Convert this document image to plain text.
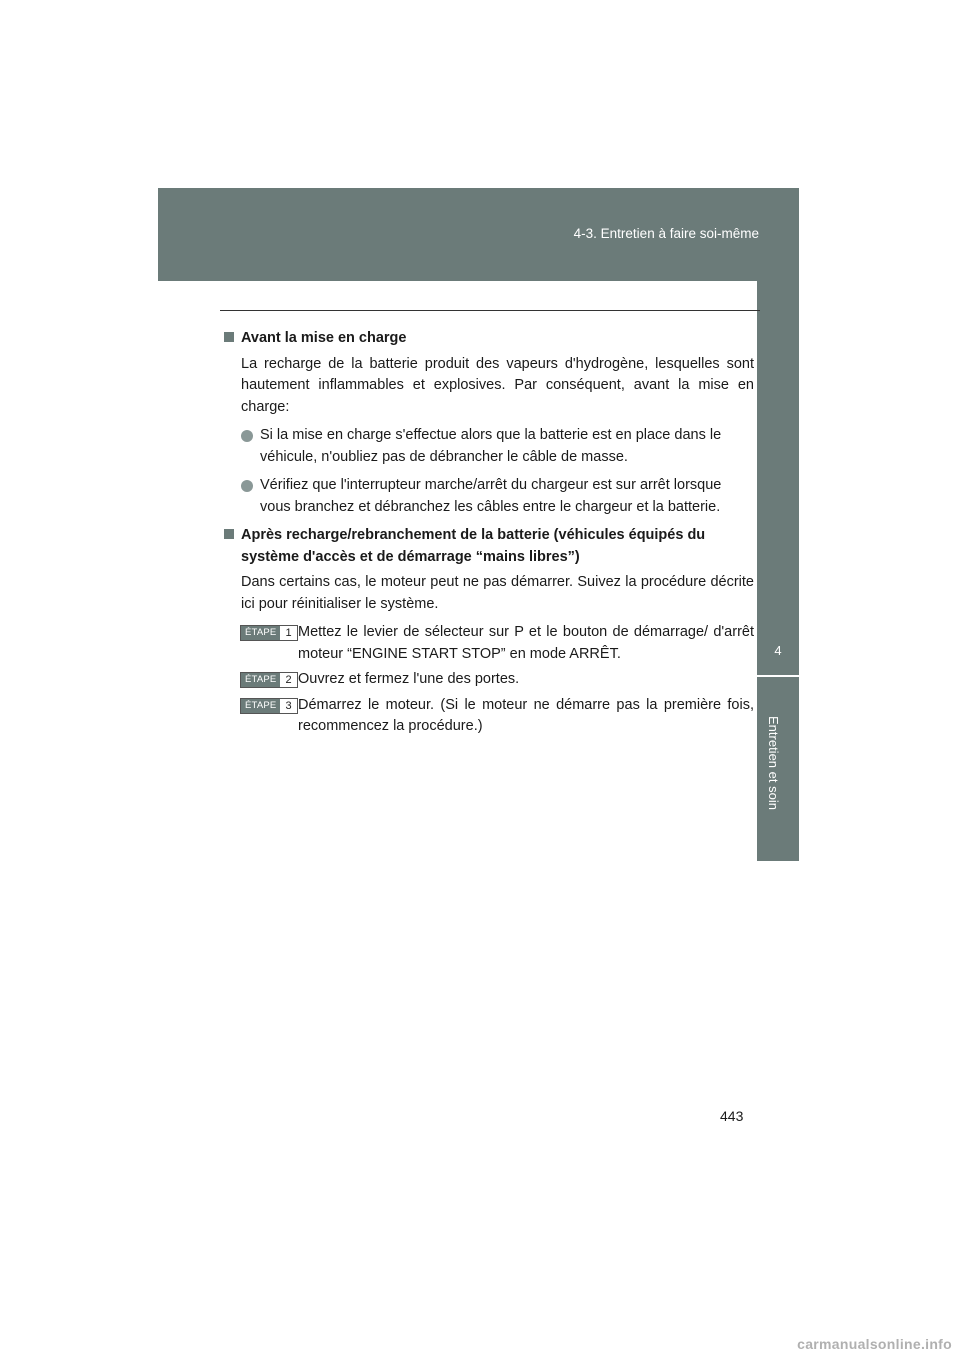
4-3. Entretien à faire soi-même
4
Entretien et soin
Avant la mise en charge
La recharge de la batterie produit des vapeurs d'hydrogène, lesquelles sont hautement inflammables et explosives. Par conséquent, avant la mise en charge:
Si la mise en charge s'effectue alors que la batterie est en place dans le véhicule, n'oubliez pas de débrancher le câble de masse.
Vérifiez que l'interrupteur marche/arrêt du chargeur est sur arrêt lorsque vous branchez et débranchez les câbles entre le chargeur et la batterie.
Après recharge/rebranchement de la batterie (véhicules équipés du
système d'accès et de démarrage “mains libres”)
Dans certains cas, le moteur peut ne pas démarrer. Suivez la procédure décrite ici pour réinitialiser le système.
ÉTAPE 1 Mettez le levier de sélecteur sur P et le bouton de démarrage/ d'arrêt moteur “ENGINE START STOP” en mode ARRÊT.
ÉTAPE 2 Ouvrez et fermez l'une des portes.
ÉTAPE 3 Démarrez le moteur. (Si le moteur ne démarre pas la première fois, recommencez la procédure.)
443
carmanualsonline.info
